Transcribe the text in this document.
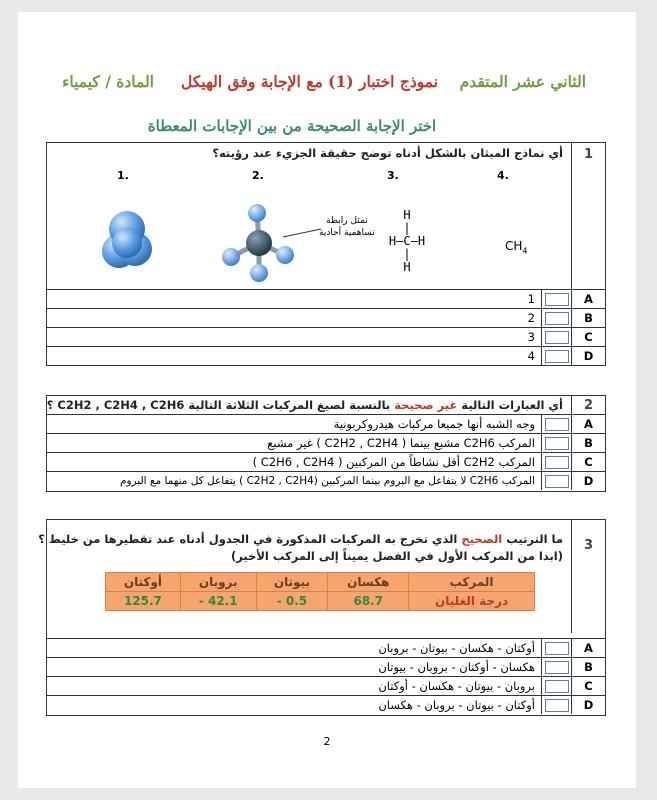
الثاني عشر المتقدم    نموذج اختبار (1) مع الإجابة وفق الهيكل     المادة / كيمياء
اختر الإجابة الصحيحة من بين الإجابات المعطاة
1
أي نماذج الميثان بالشكل أدناه توضح حقيقة الجزيء عند رؤيته؟
1.	2.	3.	4.
تمثل رابطة
تساهمية أحادية
H
|
H–C–H
|
H
$CH_4$
A
1
B
2
C
3
D
4
2
أي العبارات التالية غير صحيحة بالنسبة لصيغ المركبات الثلاثة التالية C2H2 , C2H4 , C2H6 ؟
A
وجه الشبه أنها جميعا مركبات هيدروكربونية
B
المركب C2H6 مشبع بينما ( C2H2 , C2H4 ) غير مشبع
C
المركب C2H2 أقل نشاطاً من المركبين ( C2H6 , C2H4 )
D
المركب C2H6 لا يتفاعل مع البروم بينما المركبين (C2H2 , C2H4 ) يتفاعل كل منهما مع البروم
3
ما الترتيب الصحيح الذي تخرج به المركبات المذكورة في الجدول أدناه عند تقطيرها من خليط ؟
(ابدا من المركب الأول في الفصل يميناً إلى المركب الأخير)
المركب	هكسان	بيوتان	بروبان	أوكتان
درجة الغليان	68.7	- 0.5	- 42.1	125.7
A
أوكتان - هكسان - بيوتان - بروبان
B
هكسان - أوكتان - بروبان - بيوتان
C
بروبان - بيوتان - هكسان - أوكتان
D
أوكتان - بيوتان - بروبان - هكسان
2
